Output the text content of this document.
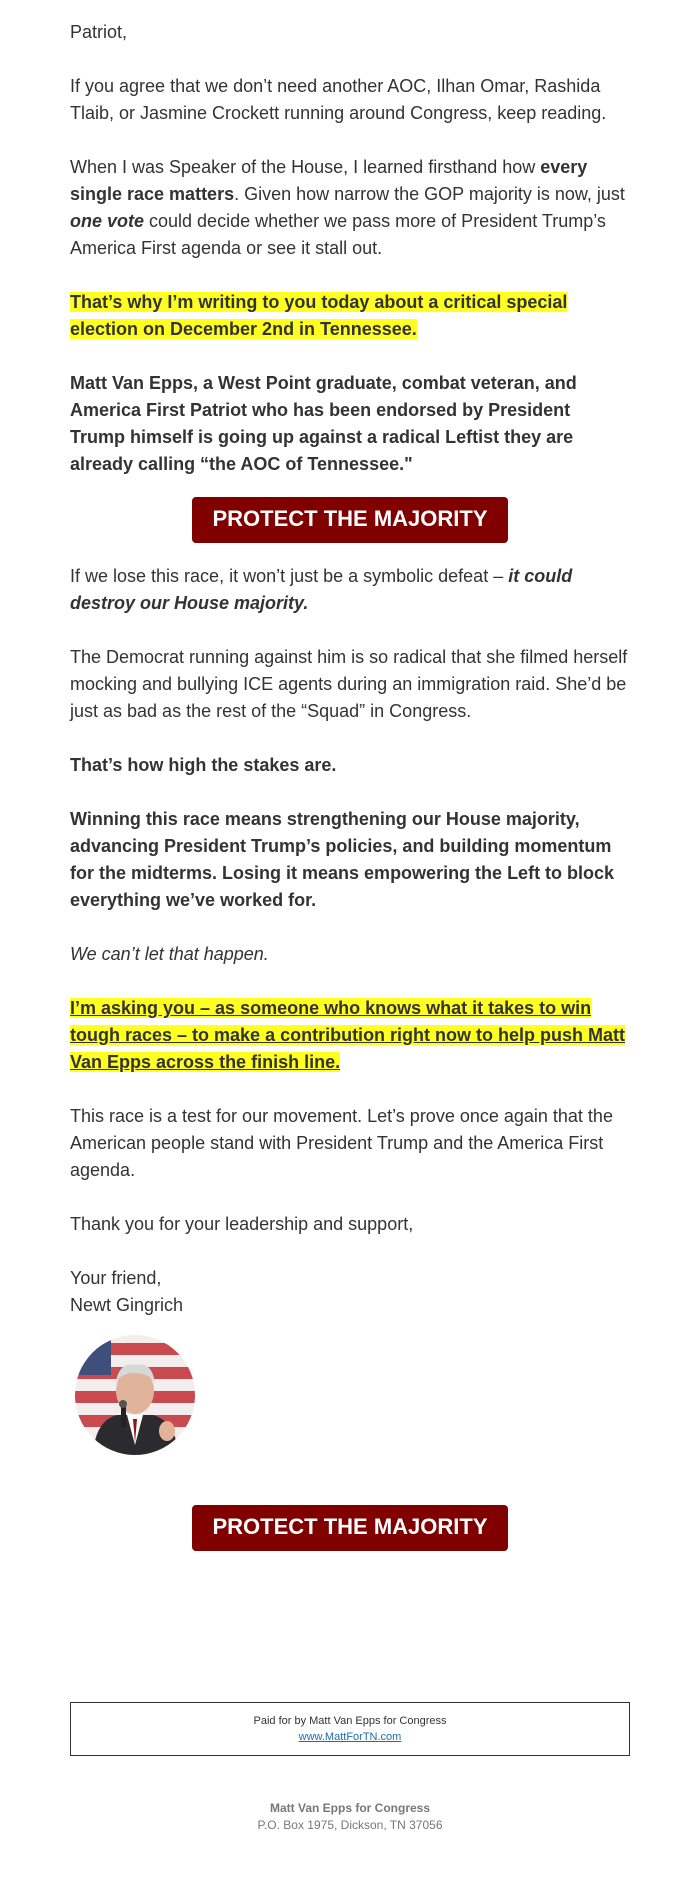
Patriot,

If you agree that we don’t need another AOC, Ilhan Omar, Rashida Tlaib, or Jasmine Crockett running around Congress, keep reading.

When I was Speaker of the House, I learned firsthand how every single race matters. Given how narrow the GOP majority is now, just one vote could decide whether we pass more of President Trump’s America First agenda or see it stall out.

That’s why I’m writing to you today about a critical special election on December 2nd in Tennessee.

Matt Van Epps, a West Point graduate, combat veteran, and America First Patriot who has been endorsed by President Trump himself is going up against a radical Leftist they are already calling “the AOC of Tennessee."

PROTECT THE MAJORITY

If we lose this race, it won’t just be a symbolic defeat – it could destroy our House majority.

The Democrat running against him is so radical that she filmed herself mocking and bullying ICE agents during an immigration raid. She’d be just as bad as the rest of the “Squad” in Congress.

That’s how high the stakes are.

Winning this race means strengthening our House majority, advancing President Trump’s policies, and building momentum for the midterms. Losing it means empowering the Left to block everything we’ve worked for.

We can’t let that happen.

I’m asking you – as someone who knows what it takes to win tough races – to make a contribution right now to help push Matt Van Epps across the finish line.

This race is a test for our movement. Let’s prove once again that the American people stand with President Trump and the America First agenda.

Thank you for your leadership and support,

Your friend,

Newt Gingrich

PROTECT THE MAJORITY
Paid for by Matt Van Epps for Congress
www.MattForTN.com
Matt Van Epps for Congress
P.O. Box 1975, Dickson, TN 37056
